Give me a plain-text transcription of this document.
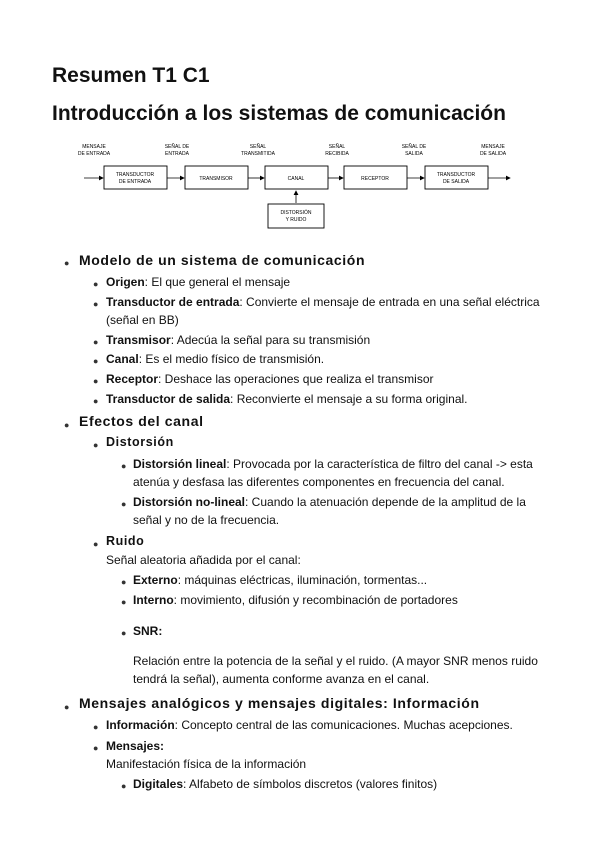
Resumen T1 C1
Introducción a los sistemas de comunicación
MENSAJE
DE ENTRADA
SEÑAL DE
ENTRADA
SEÑAL
TRANSMITIDA
SEÑAL
RECIBIDA
SEÑAL DE
SALIDA
MENSAJE
DE SALIDA
TRANSDUCTOR
DE ENTRADA	TRANSMISOR	CANAL	RECEPTOR
TRANSDUCTOR
DE SALIDA
DISTORSIÓN
Y RUIDO
● Modelo de un sistema de comunicación
● Origen: El que general el mensaje
● Transductor de entrada: Convierte el mensaje de entrada en una señal eléctrica
(señal en BB)
● Transmisor: Adecúa la señal para su transmisión
● Canal: Es el medio físico de transmisión.
● Receptor: Deshace las operaciones que realiza el transmisor
● Transductor de salida: Reconvierte el mensaje a su forma original.
● Efectos del canal
● Distorsión
● Distorsión lineal: Provocada por la característica de filtro del canal -> esta
atenúa y desfasa las diferentes componentes en frecuencia del canal.
● Distorsión no-lineal: Cuando la atenuación depende de la amplitud de la
señal y no de la frecuencia.
● Ruido
Señal aleatoria añadida por el canal:
● Externo: máquinas eléctricas, iluminación, tormentas...
● Interno: movimiento, difusión y recombinación de portadores
● SNR:
Relación entre la potencia de la señal y el ruido. (A mayor SNR menos ruido
tendrá la señal), aumenta conforme avanza en el canal.
● Mensajes analógicos y mensajes digitales: Información
● Información: Concepto central de las comunicaciones. Muchas acepciones.
● Mensajes:
Manifestación física de la información
● Digitales: Alfabeto de símbolos discretos (valores finitos)
